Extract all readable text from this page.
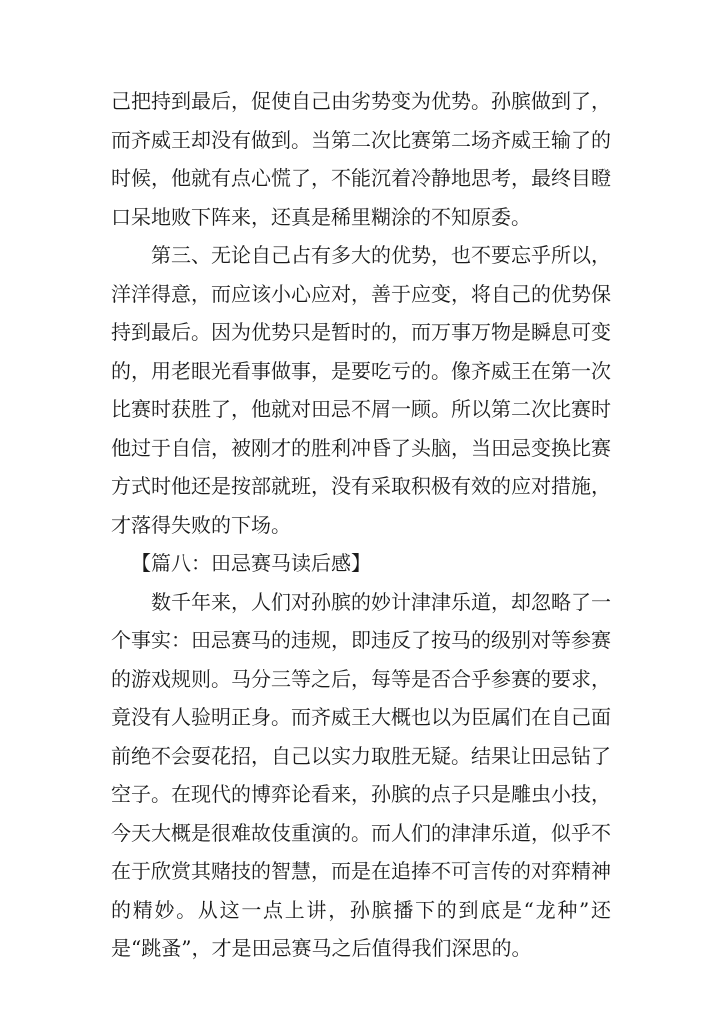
己把持到最后，促使自己由劣势变为优势。孙膑做到了，而齐威王却没有做到。当第二次比赛第二场齐威王输了的时候，他就有点心慌了，不能沉着冷静地思考，最终目瞪口呆地败下阵来，还真是稀里糊涂的不知原委。

第三、无论自己占有多大的优势，也不要忘乎所以，洋洋得意，而应该小心应对，善于应变，将自己的优势保持到最后。因为优势只是暂时的，而万事万物是瞬息可变的，用老眼光看事做事，是要吃亏的。像齐威王在第一次比赛时获胜了，他就对田忌不屑一顾。所以第二次比赛时他过于自信，被刚才的胜利冲昏了头脑，当田忌变换比赛方式时他还是按部就班，没有采取积极有效的应对措施，才落得失败的下场。

【篇八：田忌赛马读后感】

数千年来，人们对孙膑的妙计津津乐道，却忽略了一个事实：田忌赛马的违规，即违反了按马的级别对等参赛的游戏规则。马分三等之后，每等是否合乎参赛的要求，竟没有人验明正身。而齐威王大概也以为臣属们在自己面前绝不会耍花招，自己以实力取胜无疑。结果让田忌钻了空子。在现代的博弈论看来，孙膑的点子只是雕虫小技，今天大概是很难故伎重演的。而人们的津津乐道，似乎不在于欣赏其赌技的智慧，而是在追捧不可言传的对弈精神的精妙。从这一点上讲，孙膑播下的到底是“龙种”还是“跳蚤”，才是田忌赛马之后值得我们深思的。
